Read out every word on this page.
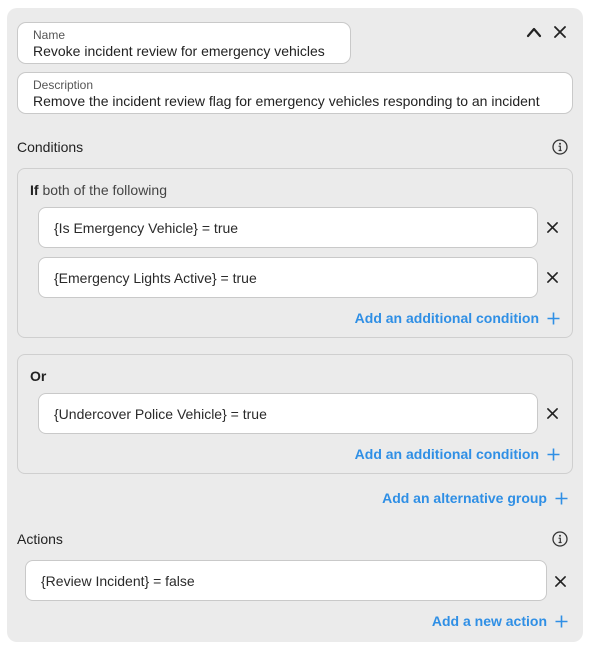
Name
Revoke incident review for emergency vehicles
Description
Remove the incident review flag for emergency vehicles responding to an incident
Conditions
If both of the following
{Is Emergency Vehicle} = true
{Emergency Lights Active} = true
Add an additional condition
Or
{Undercover Police Vehicle} = true
Add an additional condition
Add an alternative group
Actions
{Review Incident} = false
Add a new action
